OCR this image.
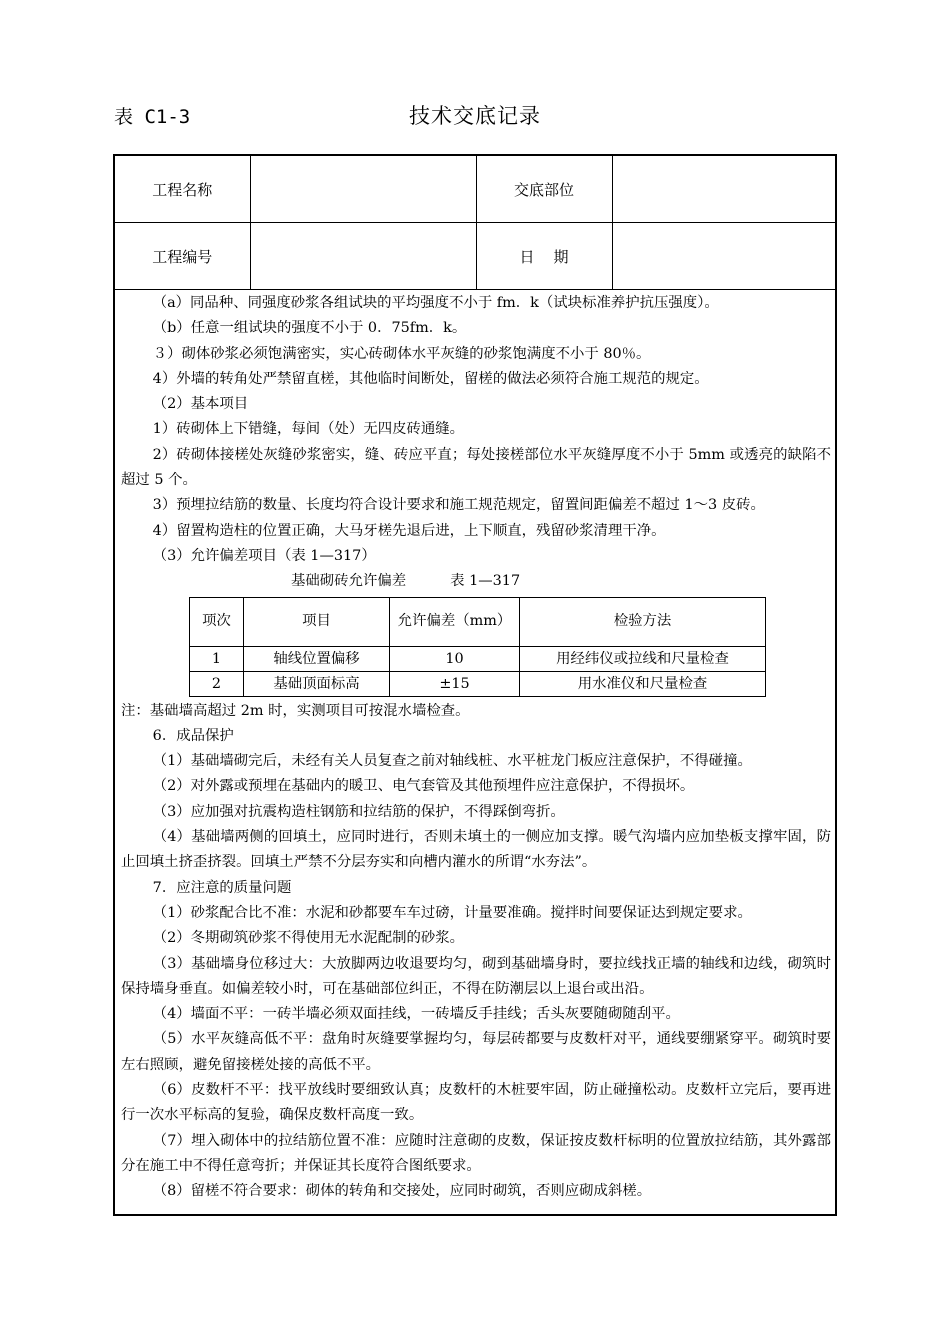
表 C1-3	技术交底记录
工程名称		交底部位	
工程编号		日    期	

（a）同品种、同强度砂浆各组试块的平均强度不小于 fm．k（试块标准养护抗压强度）。

（b）任意一组试块的强度不小于 0．75fm．k。

３）砌体砂浆必须饱满密实，实心砖砌体水平灰缝的砂浆饱满度不小于 80％。

4）外墙的转角处严禁留直槎，其他临时间断处，留槎的做法必须符合施工规范的规定。

（2）基本项目

1）砖砌体上下错缝，每间（处）无四皮砖通缝。

2）砖砌体接槎处灰缝砂浆密实，缝、砖应平直；每处接槎部位水平灰缝厚度不小于 5mm 或透亮的缺陷不超过 5 个。

3）预埋拉结筋的数量、长度均符合设计要求和施工规范规定，留置间距偏差不超过 1～3 皮砖。

4）留置构造柱的位置正确，大马牙槎先退后进，上下顺直，残留砂浆清理干净。

（3）允许偏差项目（表 1—317）

基础砌砖允许偏差	表 1—317

项次	项目	允许偏差（mm）	检验方法
1	轴线位置偏移	10	用经纬仪或拉线和尺量检查
2	基础顶面标高	±15	用水准仪和尺量检查

注：基础墙高超过 2m 时，实测项目可按混水墙检查。

6．成品保护

（1）基础墙砌完后，未经有关人员复查之前对轴线桩、水平桩龙门板应注意保护，不得碰撞。

（2）对外露或预埋在基础内的暖卫、电气套管及其他预埋件应注意保护，不得损坏。

（3）应加强对抗震构造柱钢筋和拉结筋的保护，不得踩倒弯折。

（4）基础墙两侧的回填土，应同时进行，否则未填土的一侧应加支撑。暖气沟墙内应加垫板支撑牢固，防止回填土挤歪挤裂。回填土严禁不分层夯实和向槽内灌水的所谓“水夯法”。

7．应注意的质量问题

（1）砂浆配合比不准：水泥和砂都要车车过磅，计量要准确。搅拌时间要保证达到规定要求。

（2）冬期砌筑砂浆不得使用无水泥配制的砂浆。

（3）基础墙身位移过大：大放脚两边收退要均匀，砌到基础墙身时，要拉线找正墙的轴线和边线，砌筑时保持墙身垂直。如偏差较小时，可在基础部位纠正，不得在防潮层以上退台或出沿。

（4）墙面不平：一砖半墙必须双面挂线，一砖墙反手挂线；舌头灰要随砌随刮平。

（5）水平灰缝高低不平：盘角时灰缝要掌握均匀，每层砖都要与皮数杆对平，通线要绷紧穿平。砌筑时要左右照顾，避免留接槎处接的高低不平。

（6）皮数杆不平：找平放线时要细致认真；皮数杆的木桩要牢固，防止碰撞松动。皮数杆立完后，要再进行一次水平标高的复验，确保皮数杆高度一致。

（7）埋入砌体中的拉结筋位置不准：应随时注意砌的皮数，保证按皮数杆标明的位置放拉结筋，其外露部分在施工中不得任意弯折；并保证其长度符合图纸要求。

（8）留槎不符合要求：砌体的转角和交接处，应同时砌筑，否则应砌成斜槎。
